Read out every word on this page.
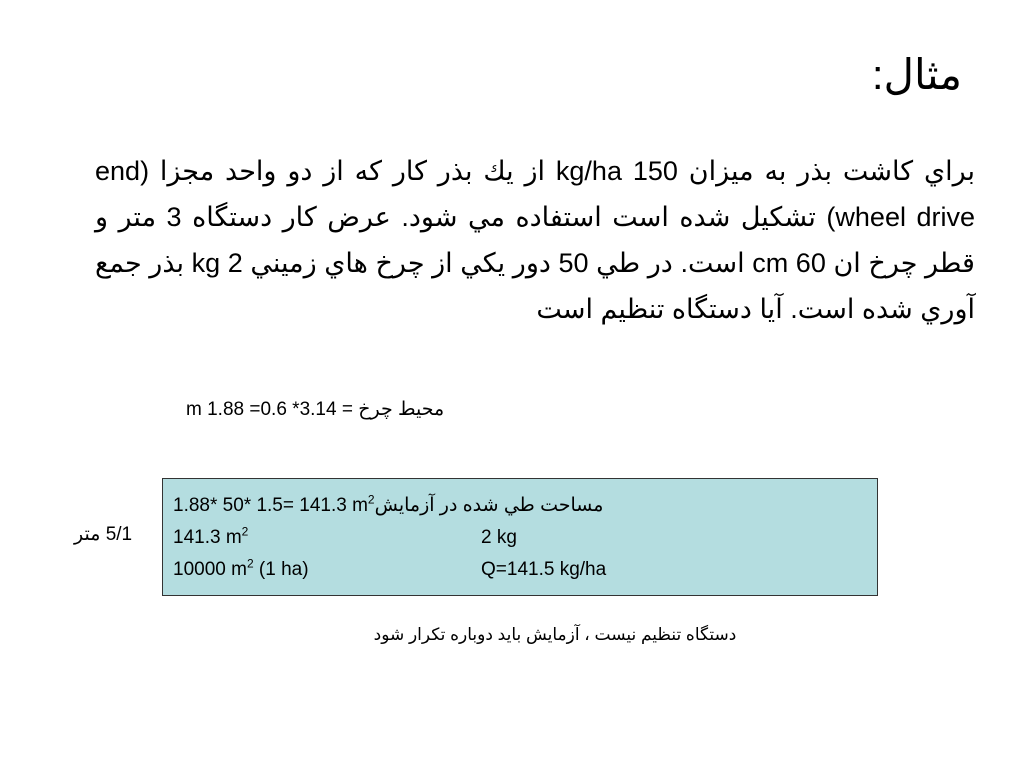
مثال:

براي كاشت بذر به ميزان 150 kg/ha از يك بذر كار كه از دو واحد مجزا (end wheel drive) تشكيل شده است استفاده مي شود. عرض كار دستگاه 3 متر و قطر چرخ ان 60 cm است. در طي 50 دور يكي از چرخ هاي زميني 2 kg بذر جمع آوري شده است. آيا دستگاه تنظيم است

محيط چرخ = 3.14* 0.6= 1.88 m
5/1 متر
1.88* 50* 1.5= 141.3 $m^2$ مساحت طي شده در آزمايش
141.3 $m^2$	2 kg
10000 $m^2$ (1 ha)	Q=141.5 kg/ha
دستگاه تنظيم نيست ، آزمايش بايد دوباره تكرار شود
